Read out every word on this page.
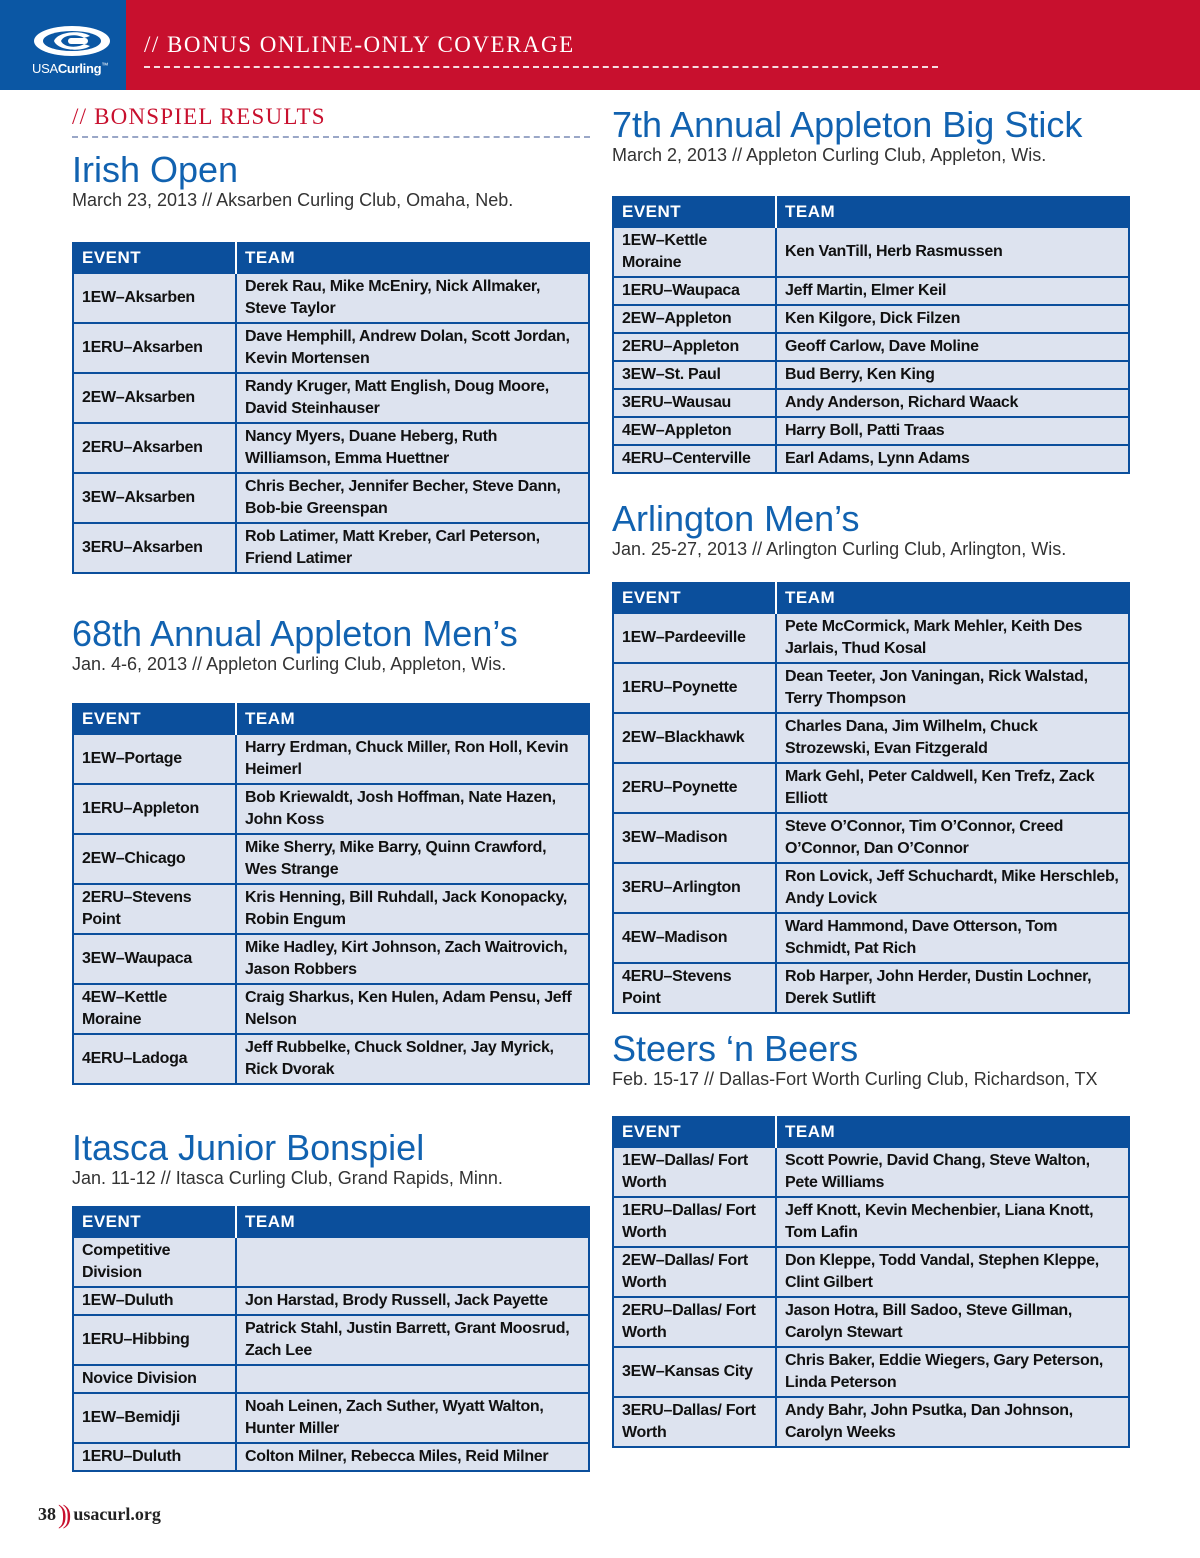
USACurling™
// BONUS ONLINE-ONLY COVERAGE
// BONSPIEL RESULTS
Irish Open

March 23, 2013 // Aksarben Curling Club, Omaha, Neb.

EVENT	TEAM
1EW–Aksarben	Derek Rau, Mike McEniry, Nick Allmaker, Steve Taylor
1ERU–Aksarben	Dave Hemphill, Andrew Dolan, Scott Jordan, Kevin Mortensen
2EW–Aksarben	Randy Kruger, Matt English, Doug Moore, David Steinhauser
2ERU–Aksarben	Nancy Myers, Duane Heberg, Ruth Williamson, Emma Huettner
3EW–Aksarben	Chris Becher, Jennifer Becher, Steve Dann, Bob-bie Greenspan
3ERU–Aksarben	Rob Latimer, Matt Kreber, Carl Peterson, Friend Latimer
68th Annual Appleton Men’s

Jan. 4-6, 2013 // Appleton Curling Club, Appleton, Wis.

EVENT	TEAM
1EW–Portage	Harry Erdman, Chuck Miller, Ron Holl, Kevin Heimerl
1ERU–Appleton	Bob Kriewaldt, Josh Hoffman, Nate Hazen, John Koss
2EW–Chicago	Mike Sherry, Mike Barry, Quinn Crawford, Wes Strange
2ERU–Stevens Point	Kris Henning, Bill Ruhdall, Jack Konopacky, Robin Engum
3EW–Waupaca	Mike Hadley, Kirt Johnson, Zach Waitrovich, Jason Robbers
4EW–Kettle Moraine	Craig Sharkus, Ken Hulen, Adam Pensu, Jeff Nelson
4ERU–Ladoga	Jeff Rubbelke, Chuck Soldner, Jay Myrick, Rick Dvorak
Itasca Junior Bonspiel

Jan. 11-12 // Itasca Curling Club, Grand Rapids, Minn.

EVENT	TEAM
Competitive Division	
1EW–Duluth	Jon Harstad, Brody Russell, Jack Payette
1ERU–Hibbing	Patrick Stahl, Justin Barrett, Grant Moosrud, Zach Lee
Novice Division	
1EW–Bemidji	Noah Leinen, Zach Suther, Wyatt Walton, Hunter Miller
1ERU–Duluth	Colton Milner, Rebecca Miles, Reid Milner
7th Annual Appleton Big Stick

March 2, 2013 // Appleton Curling Club, Appleton, Wis.

EVENT	TEAM
1EW–Kettle Moraine	Ken VanTill, Herb Rasmussen
1ERU–Waupaca	Jeff Martin, Elmer Keil
2EW–Appleton	Ken Kilgore, Dick Filzen
2ERU–Appleton	Geoff Carlow, Dave Moline
3EW–St. Paul	Bud Berry, Ken King
3ERU–Wausau	Andy Anderson, Richard Waack
4EW–Appleton	Harry Boll, Patti Traas
4ERU–Centerville	Earl Adams, Lynn Adams
Arlington Men’s

Jan. 25-27, 2013 // Arlington Curling Club, Arlington, Wis.

EVENT	TEAM
1EW–Pardeeville	Pete McCormick, Mark Mehler, Keith Des Jarlais, Thud Kosal
1ERU–Poynette	Dean Teeter, Jon Vaningan, Rick Walstad, Terry Thompson
2EW–Blackhawk	Charles Dana, Jim Wilhelm, Chuck Strozewski, Evan Fitzgerald
2ERU–Poynette	Mark Gehl, Peter Caldwell, Ken Trefz, Zack Elliott
3EW–Madison	Steve O’Connor, Tim O’Connor, Creed O’Connor, Dan O’Connor
3ERU–Arlington	Ron Lovick, Jeff Schuchardt, Mike Herschleb, Andy Lovick
4EW–Madison	Ward Hammond, Dave Otterson, Tom Schmidt, Pat Rich
4ERU–Stevens Point	Rob Harper, John Herder, Dustin Lochner, Derek Sutlift
Steers ‘n Beers

Feb. 15-17 // Dallas-Fort Worth Curling Club, Richardson, TX

EVENT	TEAM
1EW–Dallas/ Fort Worth	Scott Powrie, David Chang, Steve Walton, Pete Williams
1ERU–Dallas/ Fort Worth	Jeff Knott, Kevin Mechenbier, Liana Knott, Tom Lafin
2EW–Dallas/ Fort Worth	Don Kleppe, Todd Vandal, Stephen Kleppe, Clint Gilbert
2ERU–Dallas/ Fort Worth	Jason Hotra, Bill Sadoo, Steve Gillman, Carolyn Stewart
3EW–Kansas City	Chris Baker, Eddie Wiegers, Gary Peterson, Linda Peterson
3ERU–Dallas/ Fort Worth	Andy Bahr, John Psutka, Dan Johnson, Carolyn Weeks
38)) usacurl.org
